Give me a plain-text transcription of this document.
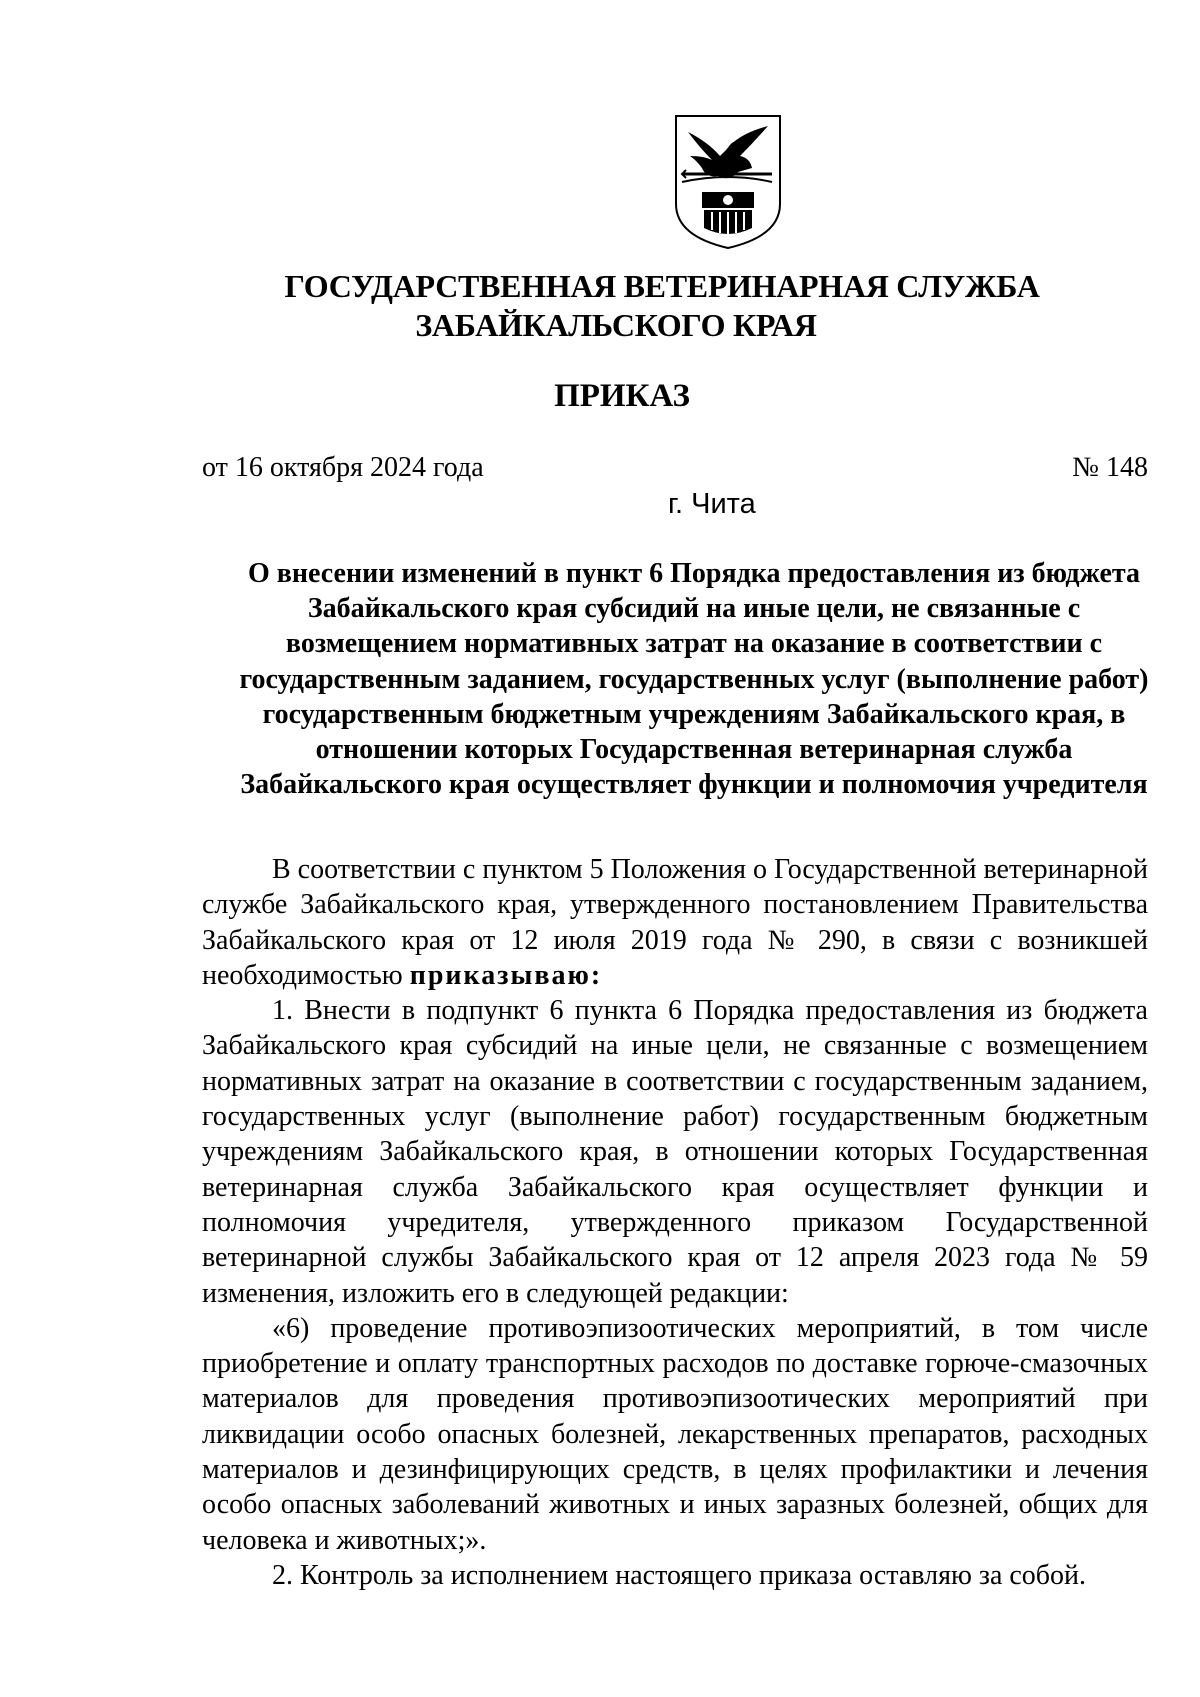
ГОСУДАРСТВЕННАЯ ВЕТЕРИНАРНАЯ СЛУЖБА
ЗАБАЙКАЛЬСКОГО КРАЯ
ПРИКАЗ
от 16 октября 2024 года	№ 148
г. Чита
О внесении изменений в пункт 6 Порядка предоставления из бюджета Забайкальского края субсидий на иные цели, не связанные с возмещением нормативных затрат на оказание в соответствии с государственным заданием, государственных услуг (выполнение работ) государственным бюджетным учреждениям Забайкальского края, в отношении которых Государственная ветеринарная служба Забайкальского края осуществляет функции и полномочия учредителя

В соответствии с пунктом 5 Положения о Государственной ветеринарной службе Забайкальского края, утвержденного постановлением Правительства Забайкальского края от 12 июля 2019 года № 290, в связи с возникшей необходимостью приказываю:

1. Внести в подпункт 6 пункта 6 Порядка предоставления из бюджета Забайкальского края субсидий на иные цели, не связанные с возмещением нормативных затрат на оказание в соответствии с государственным заданием, государственных услуг (выполнение работ) государственным бюджетным учреждениям Забайкальского края, в отношении которых Государственная ветеринарная служба Забайкальского края осуществляет функции и полномочия учредителя, утвержденного приказом Государственной ветеринарной службы Забайкальского края от 12 апреля 2023 года № 59 изменения, изложить его в следующей редакции:

«6) проведение противоэпизоотических мероприятий, в том числе приобретение и оплату транспортных расходов по доставке горюче-смазочных материалов для проведения противоэпизоотических мероприятий при ликвидации особо опасных болезней, лекарственных препаратов, расходных материалов и дезинфицирующих средств, в целях профилактики и лечения особо опасных заболеваний животных и иных заразных болезней, общих для человека и животных;».

2. Контроль за исполнением настоящего приказа оставляю за собой.
